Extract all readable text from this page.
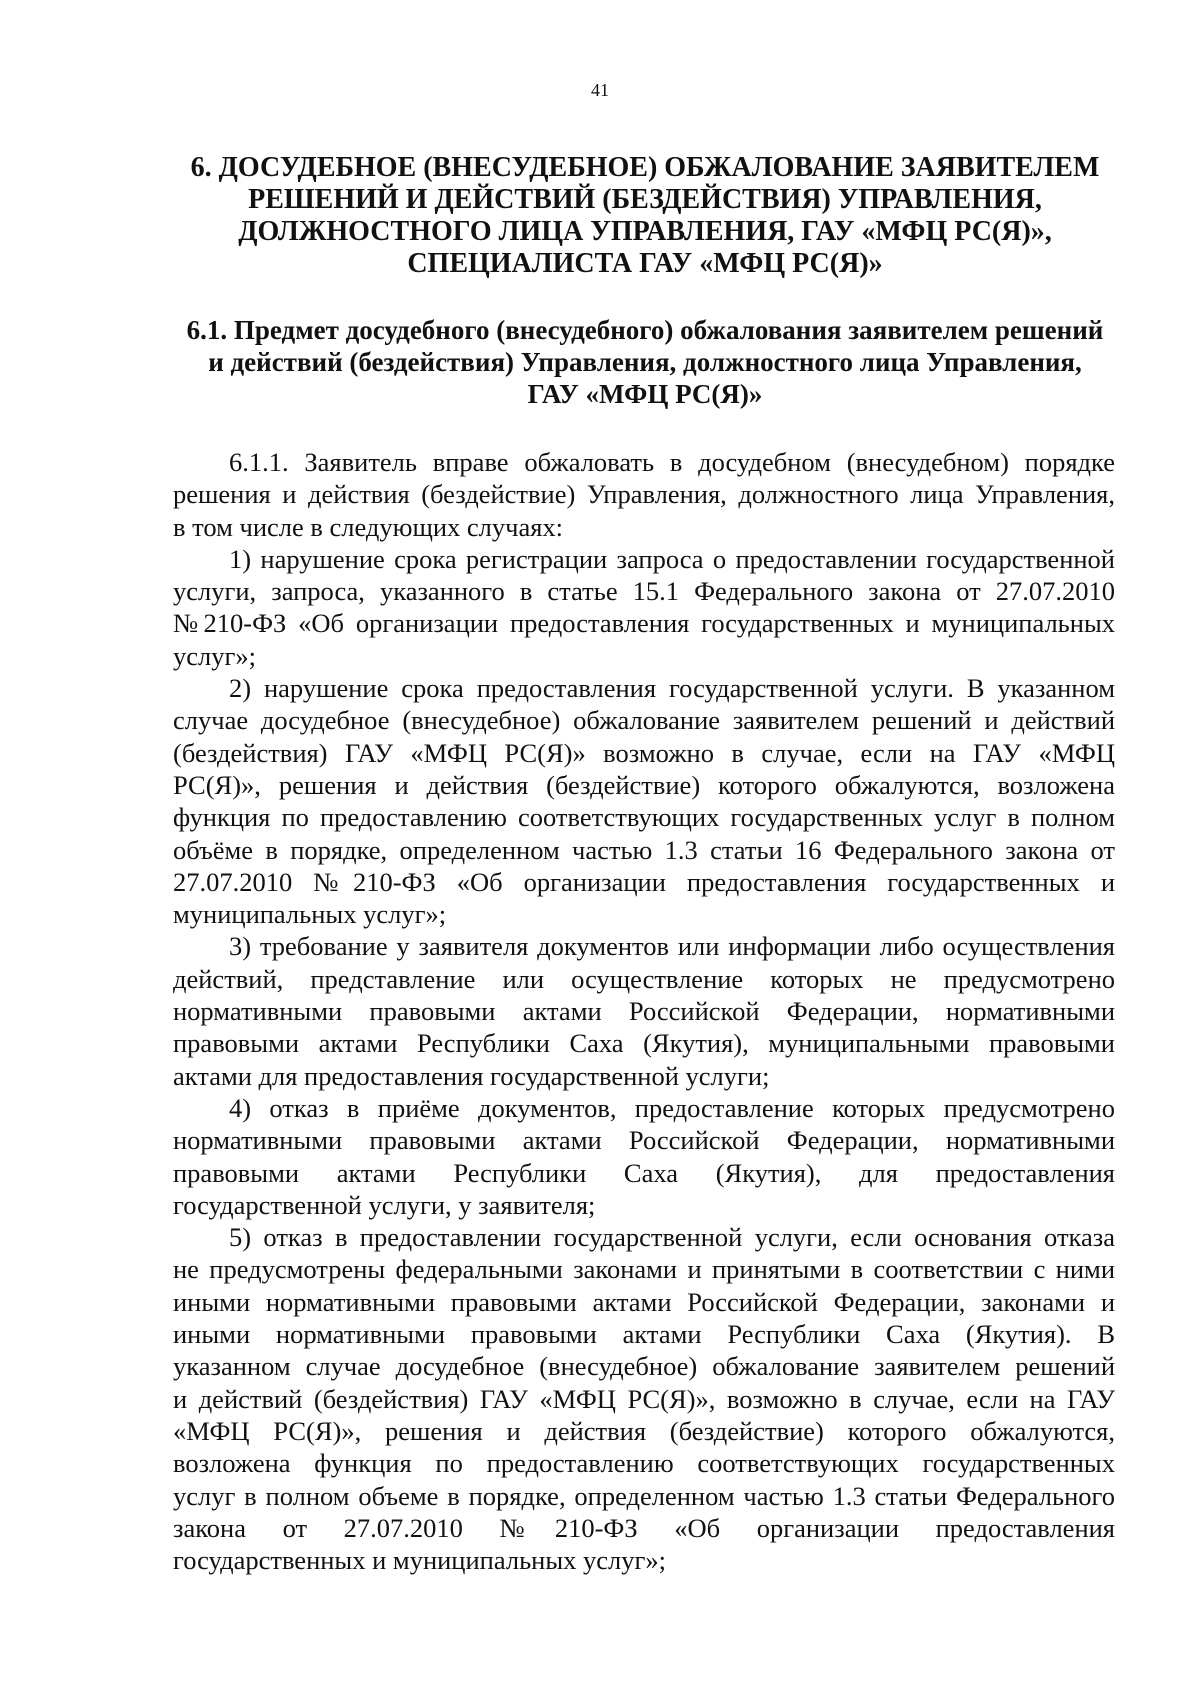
41
6. ДОСУДЕБНОЕ (ВНЕСУДЕБНОЕ) ОБЖАЛОВАНИЕ ЗАЯВИТЕЛЕМ
РЕШЕНИЙ И ДЕЙСТВИЙ (БЕЗДЕЙСТВИЯ) УПРАВЛЕНИЯ,
ДОЛЖНОСТНОГО ЛИЦА УПРАВЛЕНИЯ, ГАУ «МФЦ РС(Я)»,
СПЕЦИАЛИСТА ГАУ «МФЦ РС(Я)»
6.1. Предмет досудебного (внесудебного) обжалования заявителем решений
и действий (бездействия) Управления, должностного лица Управления,
ГАУ «МФЦ РС(Я)»

6.1.1. Заявитель вправе обжаловать в досудебном (внесудебном) порядке
решения и действия (бездействие) Управления, должностного лица Управления,
в том числе в следующих случаях:

1) нарушение срока регистрации запроса о предоставлении государственной
услуги, запроса, указанного в статье 15.1 Федерального закона от 27.07.2010
№210-ФЗ «Об организации предоставления государственных и муниципальных
услуг»;

2) нарушение срока предоставления государственной услуги. В указанном
случае досудебное (внесудебное) обжалование заявителем решений и действий
(бездействия) ГАУ «МФЦ РС(Я)» возможно в случае, если на ГАУ «МФЦ
РС(Я)», решения и действия (бездействие) которого обжалуются, возложена
функция по предоставлению соответствующих государственных услуг в полном
объёме в порядке, определенном частью 1.3 статьи 16 Федерального закона от
27.07.2010 №210-ФЗ «Об организации предоставления государственных и
муниципальных услуг»;

3) требование у заявителя документов или информации либо осуществления
действий, представление или осуществление которых не предусмотрено
нормативными правовыми актами Российской Федерации, нормативными
правовыми актами Республики Саха (Якутия), муниципальными правовыми
актами для предоставления государственной услуги;

4) отказ в приёме документов, предоставление которых предусмотрено
нормативными правовыми актами Российской Федерации, нормативными
правовыми актами Республики Саха (Якутия), для предоставления
государственной услуги, у заявителя;

5) отказ в предоставлении государственной услуги, если основания отказа
не предусмотрены федеральными законами и принятыми в соответствии с ними
иными нормативными правовыми актами Российской Федерации, законами и
иными нормативными правовыми актами Республики Саха (Якутия). В
указанном случае досудебное (внесудебное) обжалование заявителем решений
и действий (бездействия) ГАУ «МФЦ РС(Я)», возможно в случае, если на ГАУ
«МФЦ РС(Я)», решения и действия (бездействие) которого обжалуются,
возложена функция по предоставлению соответствующих государственных
услуг в полном объеме в порядке, определенном частью 1.3 статьи Федерального
закона от 27.07.2010 №210-ФЗ «Об организации предоставления
государственных и муниципальных услуг»;
